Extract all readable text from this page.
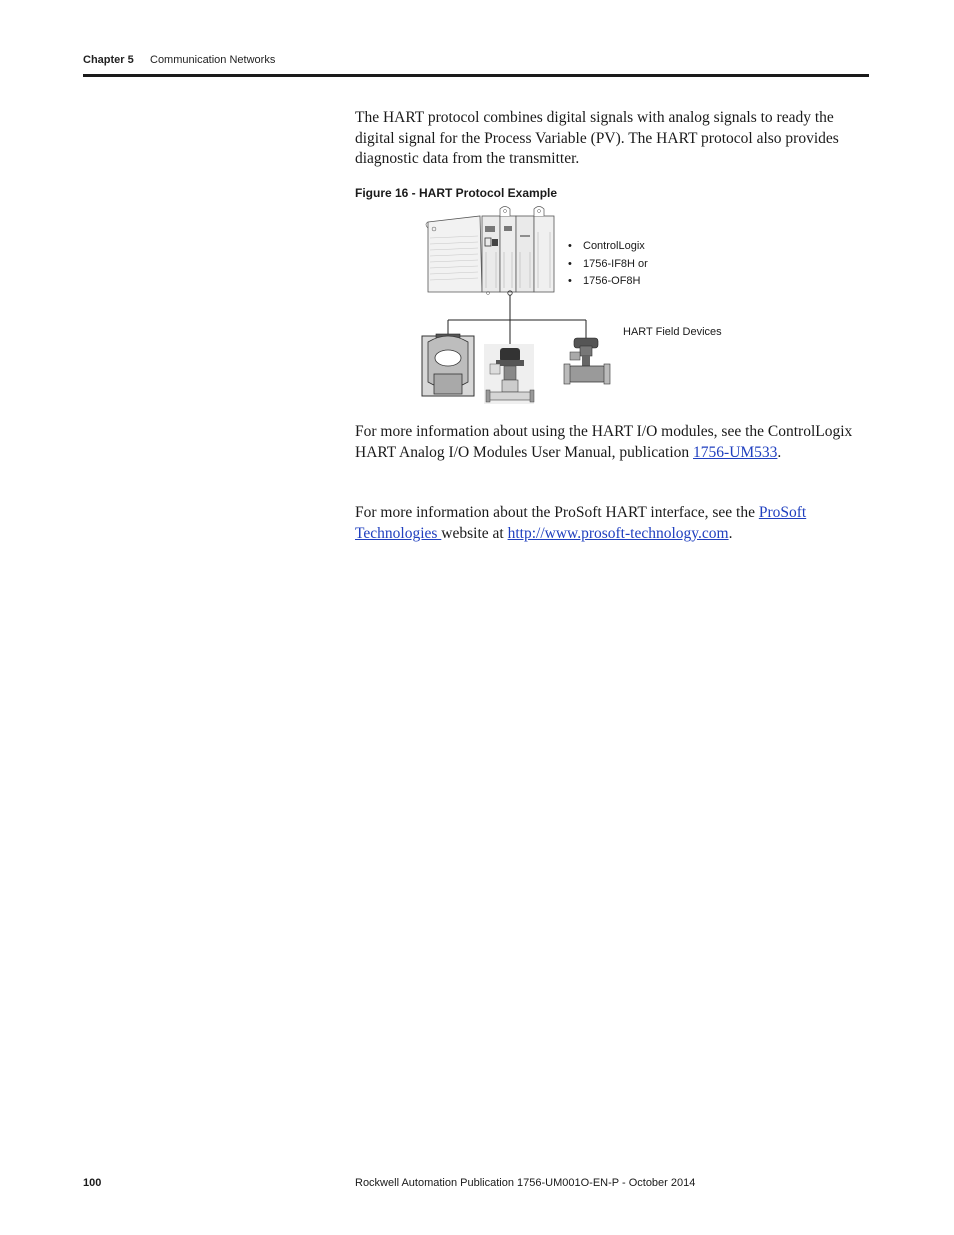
Chapter 5 Communication Networks
The HART protocol combines digital signals with analog signals to ready the digital signal for the Process Variable (PV). The HART protocol also provides diagnostic data from the transmitter.
Figure 16 - HART Protocol Example
• ControlLogix
• 1756-IF8H or
• 1756-OF8H
HART Field Devices
For more information about using the HART I/O modules, see the ControlLogix HART Analog I/O Modules User Manual, publication 1756-UM533.
For more information about the ProSoft HART interface, see the ProSoft Technologies website at http://www.prosoft-technology.com.
100	Rockwell Automation Publication 1756-UM001O-EN-P - October 2014
